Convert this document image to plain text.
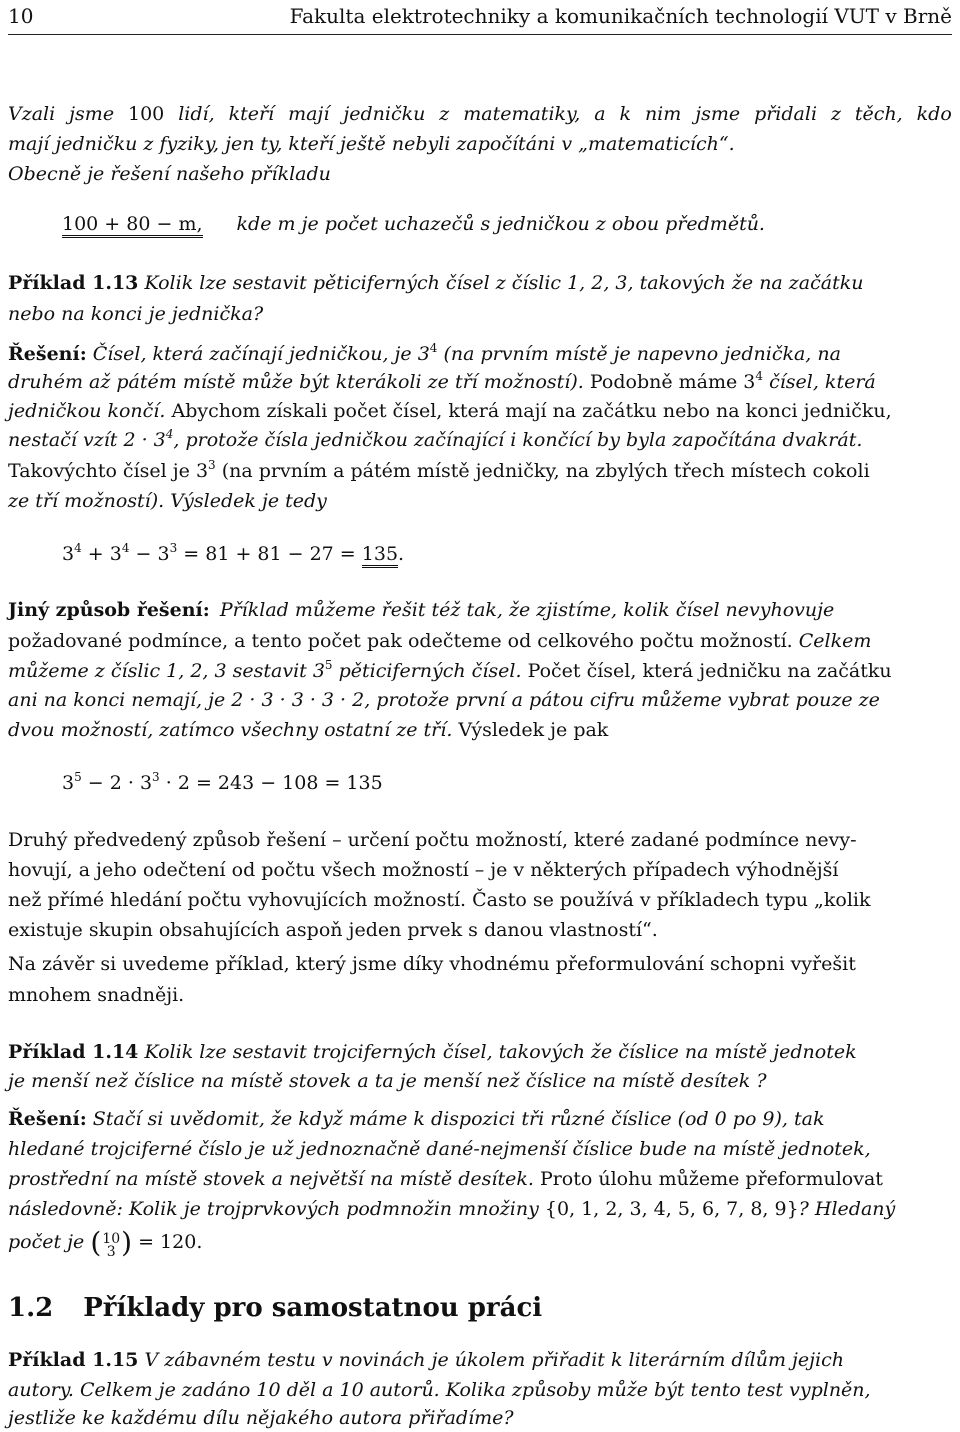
10	Fakulta elektrotechniky a komunikačních technologií VUT v Brně
Vzali jsme 100 lidí, kteří mají jedničku z matematiky, a k nim jsme přidali z těch, kdo
mají jedničku z fyziky, jen ty, kteří ještě nebyli započítáni v „matematicích“.
Obecně je řešení našeho příkladu
100 + 80 − m, kde m je počet uchazečů s jedničkou z obou předmětů.
Příklad 1.13 Kolik lze sestavit pěticiferných čísel z číslic 1, 2, 3, takových že na začátku
nebo na konci je jednička?
Řešení: Čísel, která začínají jedničkou, je $3^4$ (na prvním místě je napevno jednička, na
druhém až pátém místě může být kterákoli ze tří možností). Podobně máme $3^4$ čísel, která
jedničkou končí. Abychom získali počet čísel, která mají na začátku nebo na konci jedničku,
nestačí vzít $2 \cdot 3^4$, protože čísla jedničkou začínající i končící by byla započítána dvakrát.
Takovýchto čísel je $3^3$ (na prvním a pátém místě jedničky, na zbylých třech místech cokoli
ze tří možností). Výsledek je tedy
$3^4 + 3^4 - 3^3 = 81 + 81 - 27 = 135$.
Jiný způsob řešení: Příklad můžeme řešit též tak, že zjistíme, kolik čísel nevyhovuje
požadované podmínce, a tento počet pak odečteme od celkového počtu možností. Celkem
můžeme z číslic 1, 2, 3 sestavit $3^5$ pěticiferných čísel. Počet čísel, která jedničku na začátku
ani na konci nemají, je 2 · 3 · 3 · 3 · 2, protože první a pátou cifru můžeme vybrat pouze ze
dvou možností, zatímco všechny ostatní ze tří. Výsledek je pak
$3^5 - 2 \cdot 3^3 \cdot 2 = 243 - 108 = 135$
Druhý předvedený způsob řešení – určení počtu možností, které zadané podmínce nevy-
hovují, a jeho odečtení od počtu všech možností – je v některých případech výhodnější
než přímé hledání počtu vyhovujících možností. Často se používá v příkladech typu „kolik
existuje skupin obsahujících aspoň jeden prvek s danou vlastností“.
Na závěr si uvedeme příklad, který jsme díky vhodnému přeformulování schopni vyřešit
mnohem snadněji.
Příklad 1.14 Kolik lze sestavit trojciferných čísel, takových že číslice na místě jednotek
je menší než číslice na místě stovek a ta je menší než číslice na místě desítek ?
Řešení: Stačí si uvědomit, že když máme k dispozici tři různé číslice (od 0 po 9), tak
hledané trojciferné číslo je už jednoznačně dané-nejmenší číslice bude na místě jednotek,
prostřední na místě stovek a největší na místě desítek. Proto úlohu můžeme přeformulovat
následovně: Kolik je trojprvkových podmnožin množiny {0, 1, 2, 3, 4, 5, 6, 7, 8, 9}? Hledaný
počet je (10
3 ) = 120.
1.2 Příklady pro samostatnou práci
Příklad 1.15 V zábavném testu v novinách je úkolem přiřadit k literárním dílům jejich
autory. Celkem je zadáno 10 děl a 10 autorů. Kolika způsoby může být tento test vyplněn,
jestliže ke každému dílu nějakého autora přiřadíme?
